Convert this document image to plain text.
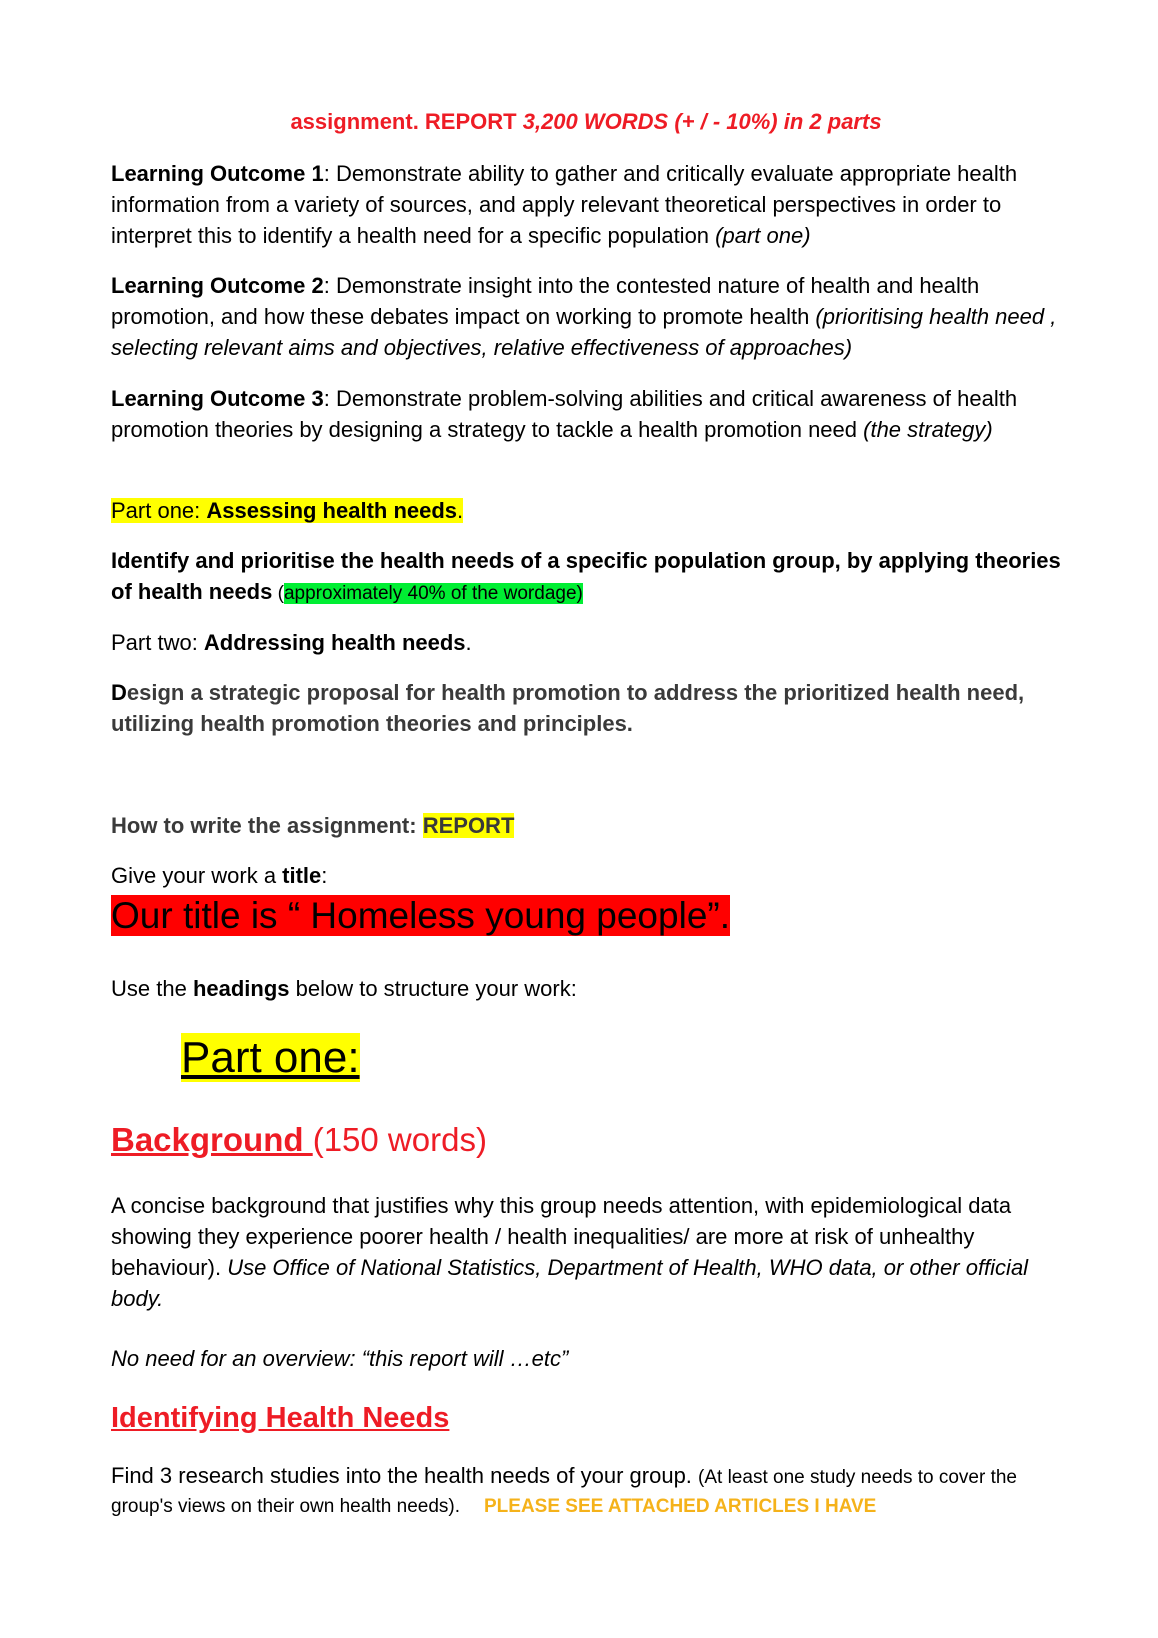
assignment. REPORT 3,200 WORDS (+ / - 10%) in 2 parts

Learning Outcome 1: Demonstrate ability to gather and critically evaluate appropriate health information from a variety of sources, and apply relevant theoretical perspectives in order to interpret this to identify a health need for a specific population (part one)

Learning Outcome 2: Demonstrate insight into the contested nature of health and health promotion, and how these debates impact on working to promote health (prioritising health need , selecting relevant aims and objectives, relative effectiveness of approaches)

Learning Outcome 3: Demonstrate problem-solving abilities and critical awareness of health promotion theories by designing a strategy to tackle a health promotion need (the strategy)

Part one: Assessing health needs.

Identify and prioritise the health needs of a specific population group, by applying theories of health needs (approximately 40% of the wordage)

Part two: Addressing health needs.

Design a strategic proposal for health promotion to address the prioritized health need, utilizing health promotion theories and principles.

How to write the assignment: REPORT

Give your work a title:

Our title is “ Homeless young people”.

Use the headings below to structure your work:

Part one:

Background (150 words)

A concise background that justifies why this group needs attention, with epidemiological data showing they experience poorer health / health inequalities/ are more at risk of unhealthy behaviour). Use Office of National Statistics, Department of Health, WHO data, or other official body.

No need for an overview: “this report will …etc”

Identifying Health Needs

Find 3 research studies into the health needs of your group. (At least one study needs to cover the group's views on their own health needs). PLEASE SEE ATTACHED ARTICLES I HAVE
